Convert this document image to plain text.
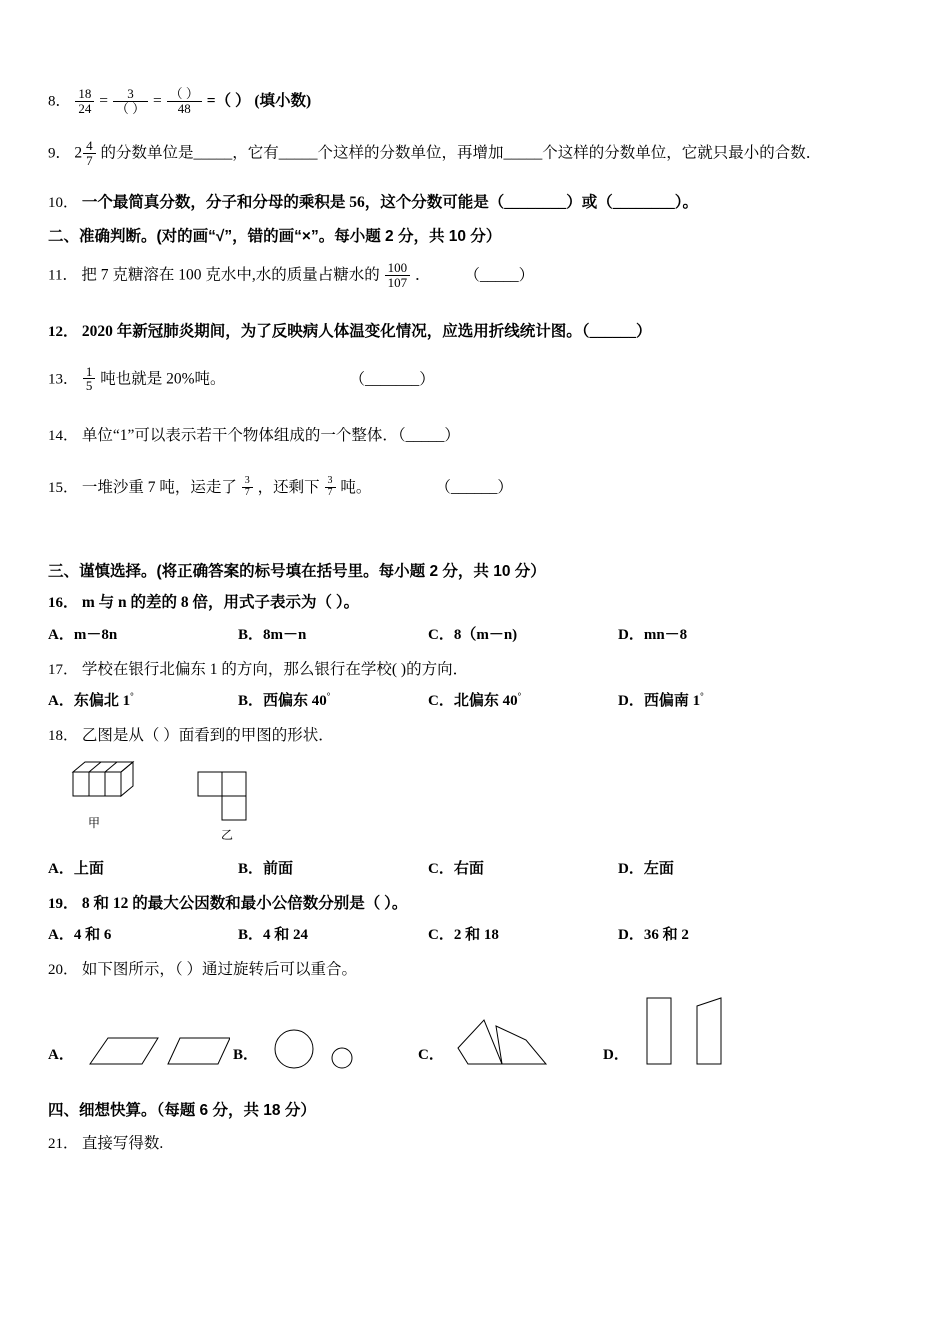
8． $\frac{18}{24} = \frac{3}{( )} = \frac{( )}{48}$ =（ ） (填小数)
9． $2 \frac{4}{7}$ 的分数单位是_____，它有_____个这样的分数单位，再增加_____个这样的分数单位，它就只最小的合数．
10． 一个最简真分数，分子和分母的乘积是 56，这个分数可能是（________）或（________）。
二、准确判断。(对的画“√”，错的画“×”。每小题 2 分，共 10 分）
11． 把 7 克糖溶在 100 克水中,水的质量占糖水的 $\frac{100}{107}$ ． （_____）
12． 2020 年新冠肺炎期间，为了反映病人体温变化情况，应选用折线统计图。（______）
13． $\frac{1}{5}$ 吨也就是 20%吨。	（_______）
14． 单位“1”可以表示若干个物体组成的一个整体．（_____）
15． 一堆沙重 7 吨，运走了 $\frac{3}{7}$ ，还剩下 $\frac{3}{7}$ 吨。	（______）
三、谨慎选择。(将正确答案的标号填在括号里。每小题 2 分，共 10 分）
16． m 与 n 的差的 8 倍，用式子表示为（ ）。
A．m－8n	B．8m－n	C．8（m－n)	D．mn－8
17． 学校在银行北偏东 1 的方向，那么银行在学校( )的方向．
A．东偏北 1°	B．西偏东 40°	C．北偏东 40°	D．西偏南 1°
18． 乙图是从（ ）面看到的甲图的形状．
甲
乙
A．上面	B．前面	C．右面	D．左面
19． 8 和 12 的最大公因数和最小公倍数分别是（ ）。
A．4 和 6	B．4 和 24	C．2 和 18	D．36 和 2
20． 如下图所示，（ ）通过旋转后可以重合。
A．	B．	C．	D．
四、细想快算。（每题 6 分，共 18 分）
21． 直接写得数.
